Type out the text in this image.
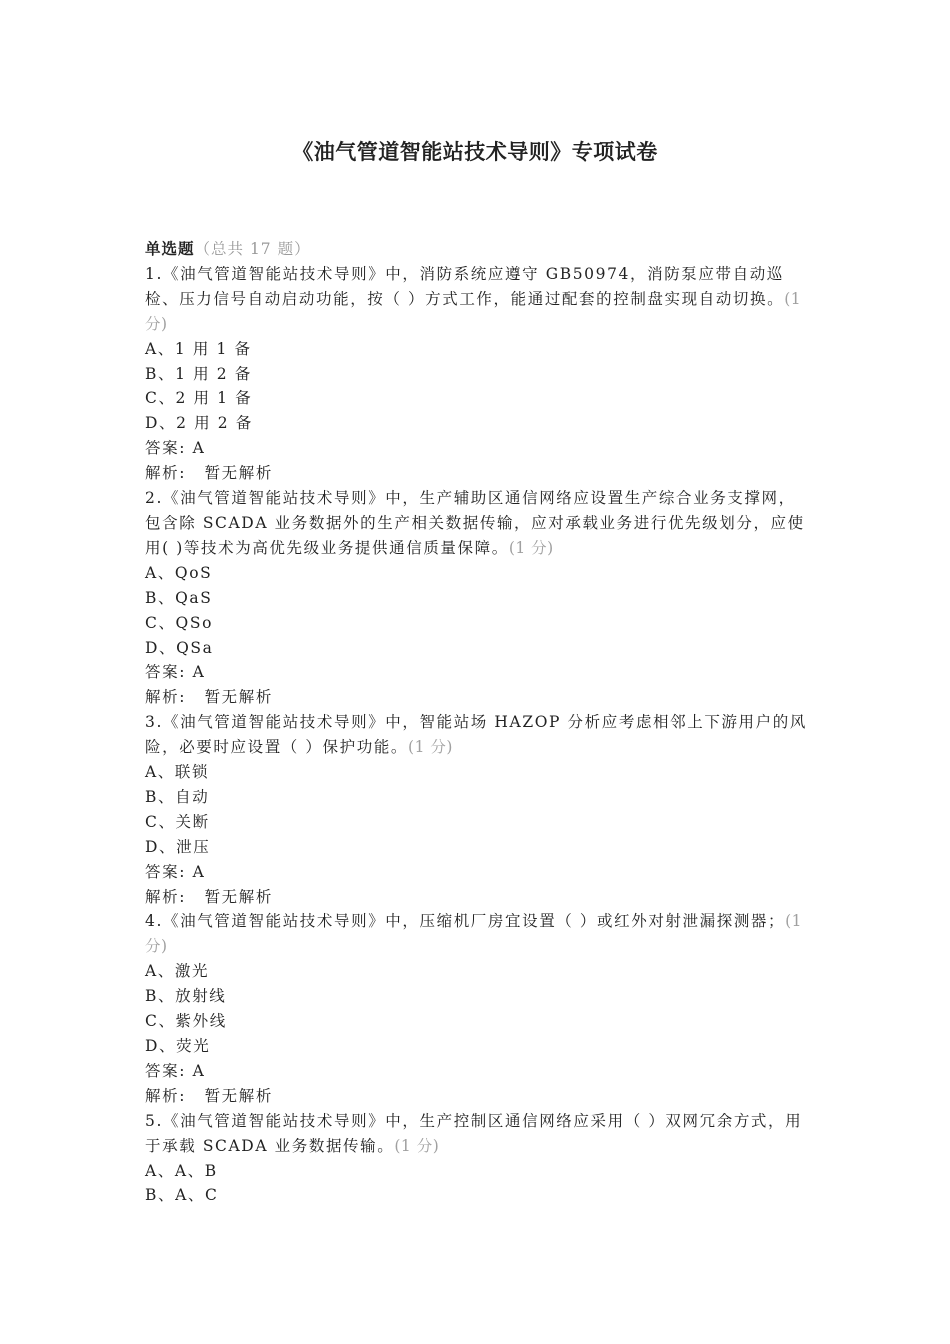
《油气管道智能站技术导则》专项试卷
单选题（总共 17 题）

1.《油气管道智能站技术导则》中，消防系统应遵守 GB50974，消防泵应带自动巡检、压力信号自动启动功能，按（ ）方式工作，能通过配套的控制盘实现自动切换。(1 分)

A、1 用 1 备
B、1 用 2 备
C、2 用 1 备
D、2 用 2 备
答案: A
解析: 暂无解析

2.《油气管道智能站技术导则》中，生产辅助区通信网络应设置生产综合业务支撑网，包含除 SCADA 业务数据外的生产相关数据传输，应对承载业务进行优先级划分，应使用( )等技术为高优先级业务提供通信质量保障。(1 分)

A、QoS
B、QaS
C、QSo
D、QSa
答案: A
解析: 暂无解析

3.《油气管道智能站技术导则》中，智能站场 HAZOP 分析应考虑相邻上下游用户的风险，必要时应设置（ ）保护功能。(1 分)

A、联锁
B、自动
C、关断
D、泄压
答案: A
解析: 暂无解析

4.《油气管道智能站技术导则》中，压缩机厂房宜设置（ ）或红外对射泄漏探测器；(1 分)

A、激光
B、放射线
C、紫外线
D、荧光
答案: A
解析: 暂无解析

5.《油气管道智能站技术导则》中，生产控制区通信网络应采用（ ）双网冗余方式，用于承载 SCADA 业务数据传输。(1 分)

A、A、B
B、A、C
